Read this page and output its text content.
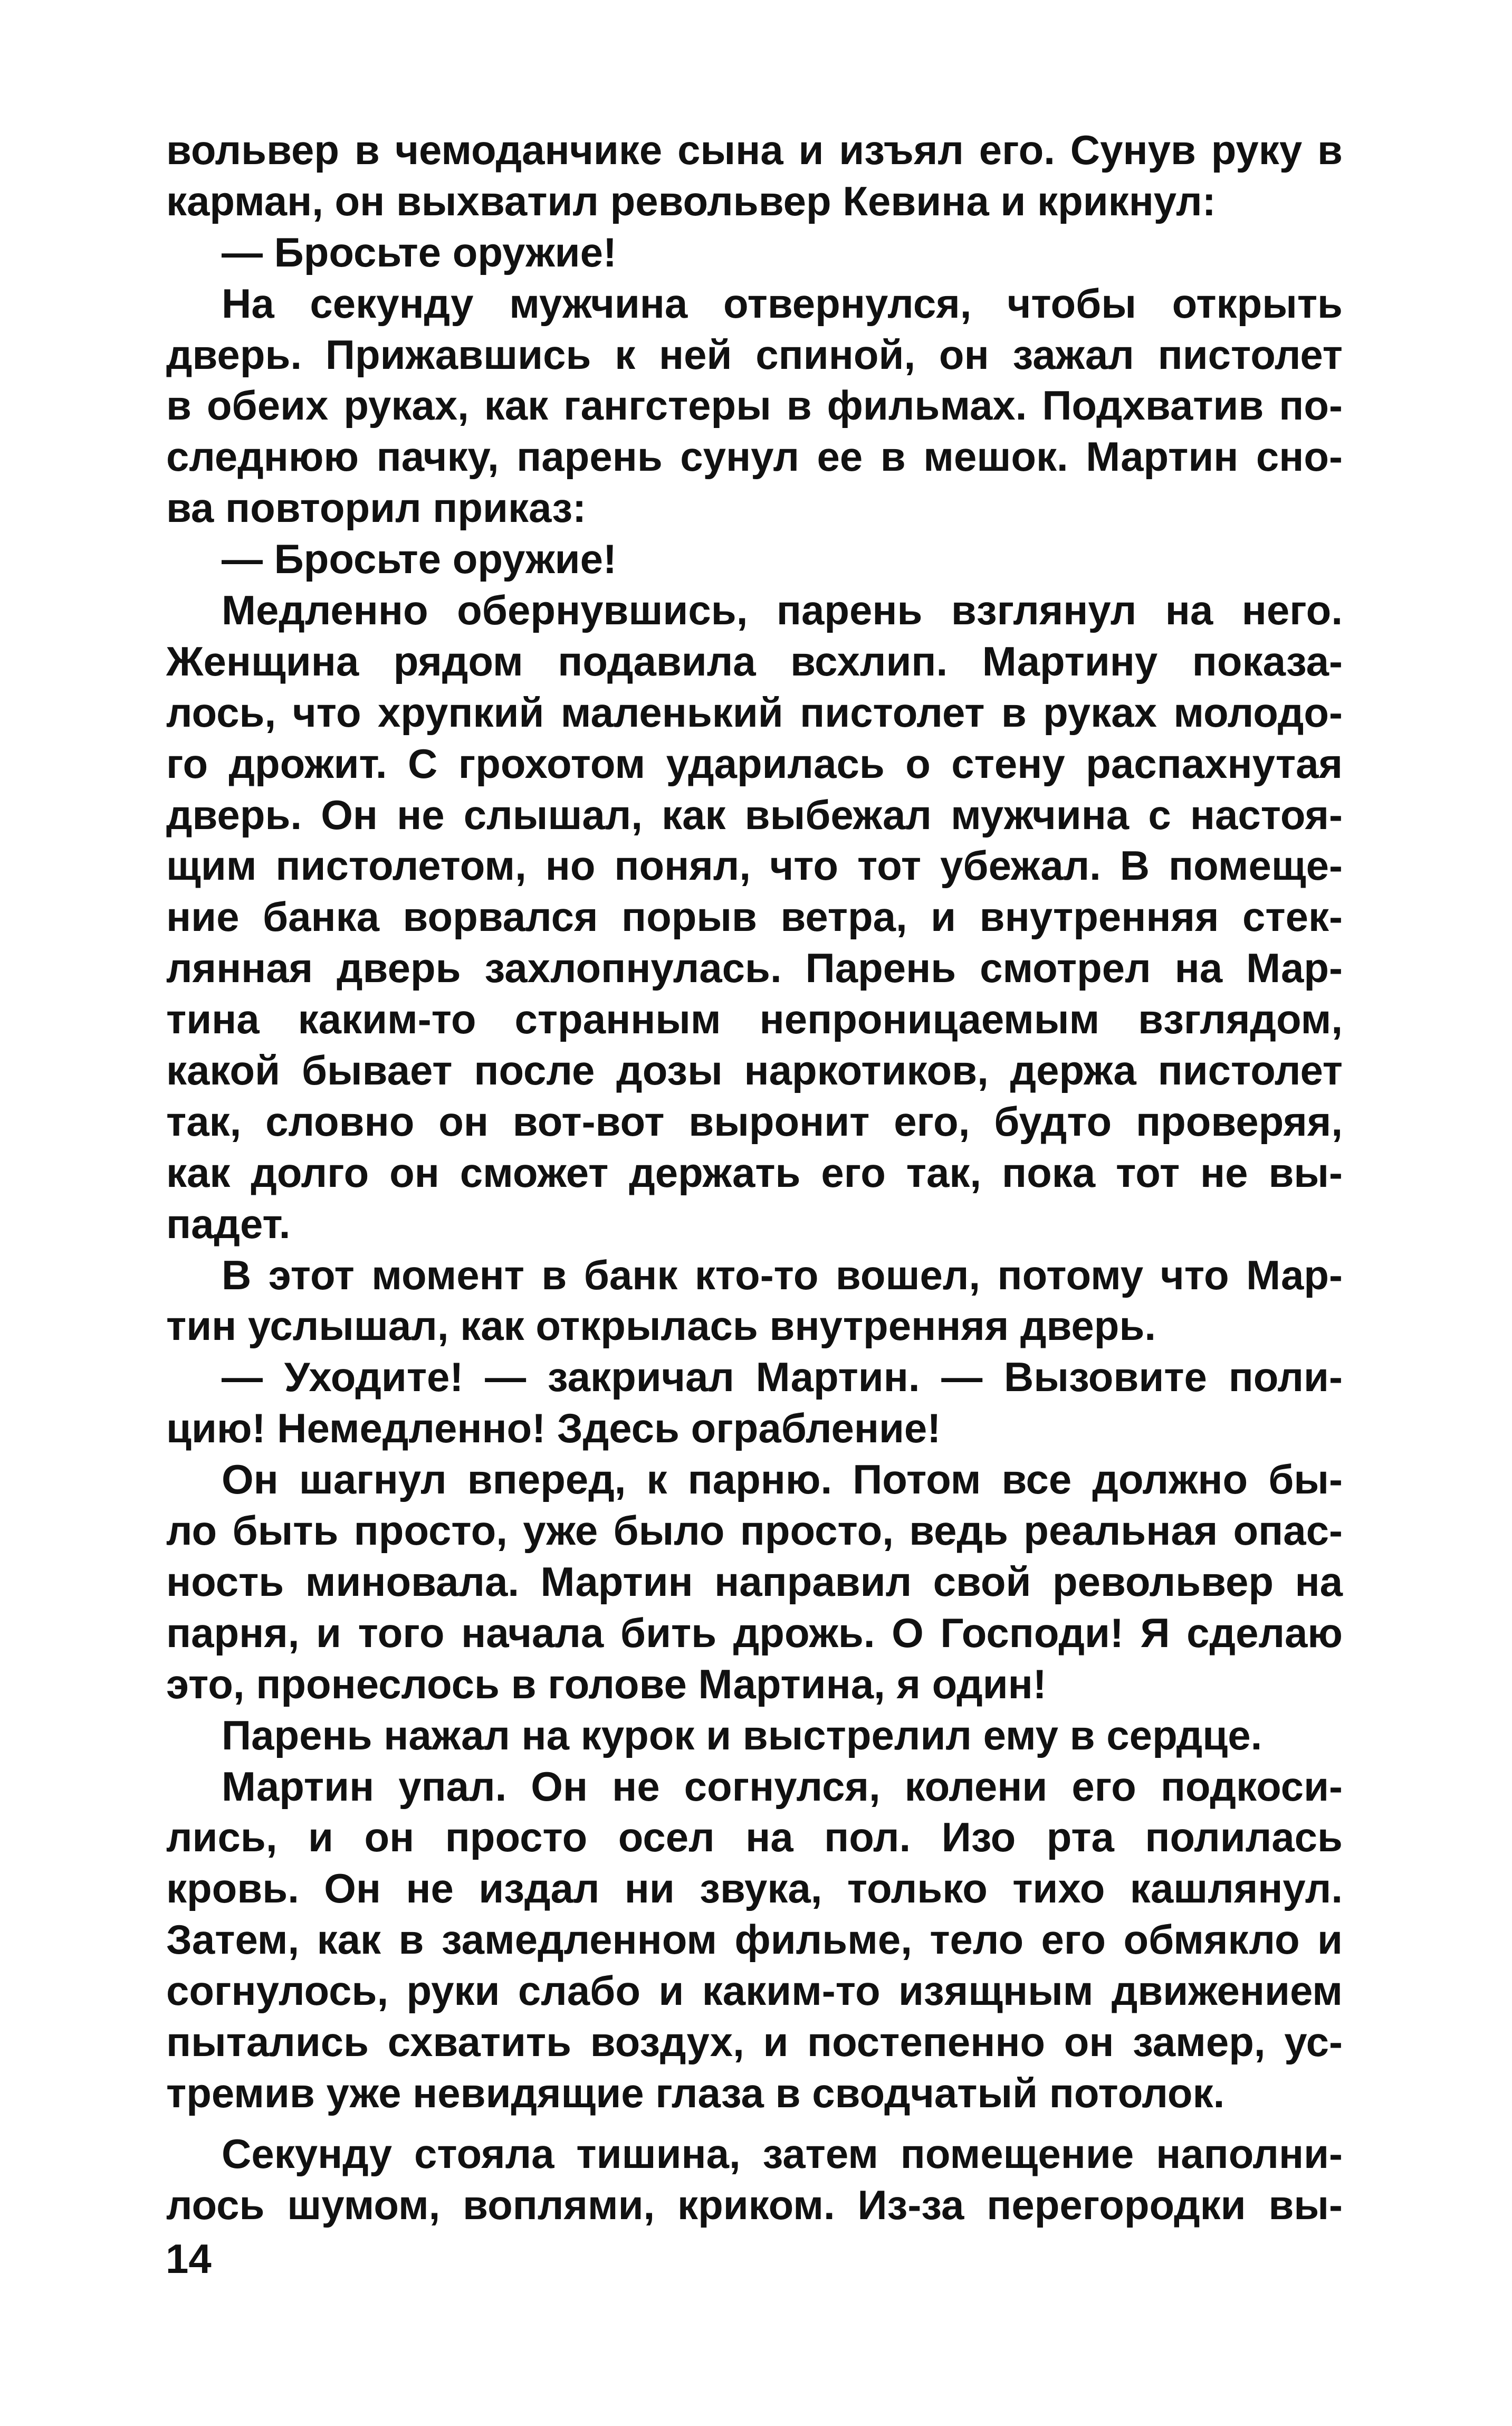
вольвер в чемоданчике сына и изъял его. Сунув руку в
карман, он выхватил револьвер Кевина и крикнул:
— Бросьте оружие!
На секунду мужчина отвернулся, чтобы открыть
дверь. Прижавшись к ней спиной, он зажал пистолет
в обеих руках, как гангстеры в фильмах. Подхватив по-
следнюю пачку, парень сунул ее в мешок. Мартин сно-
ва повторил приказ:
— Бросьте оружие!
Медленно обернувшись, парень взглянул на него.
Женщина рядом подавила всхлип. Мартину показа-
лось, что хрупкий маленький пистолет в руках молодо-
го дрожит. С грохотом ударилась о стену распахнутая
дверь. Он не слышал, как выбежал мужчина с настоя-
щим пистолетом, но понял, что тот убежал. В помеще-
ние банка ворвался порыв ветра, и внутренняя стек-
лянная дверь захлопнулась. Парень смотрел на Мар-
тина каким-то странным непроницаемым взглядом,
какой бывает после дозы наркотиков, держа пистолет
так, словно он вот-вот выронит его, будто проверяя,
как долго он сможет держать его так, пока тот не вы-
падет.
В этот момент в банк кто-то вошел, потому что Мар-
тин услышал, как открылась внутренняя дверь.
— Уходите! — закричал Мартин. — Вызовите поли-
цию! Немедленно! Здесь ограбление!
Он шагнул вперед, к парню. Потом все должно бы-
ло быть просто, уже было просто, ведь реальная опас-
ность миновала. Мартин направил свой револьвер на
парня, и того начала бить дрожь. О Господи! Я сделаю
это, пронеслось в голове Мартина, я один!
Парень нажал на курок и выстрелил ему в сердце.
Мартин упал. Он не согнулся, колени его подкоси-
лись, и он просто осел на пол. Изо рта полилась
кровь. Он не издал ни звука, только тихо кашлянул.
Затем, как в замедленном фильме, тело его обмякло и
согнулось, руки слабо и каким-то изящным движением
пытались схватить воздух, и постепенно он замер, ус-
тремив уже невидящие глаза в сводчатый потолок.
Секунду стояла тишина, затем помещение наполни-
лось шумом, воплями, криком. Из-за перегородки вы-
14
